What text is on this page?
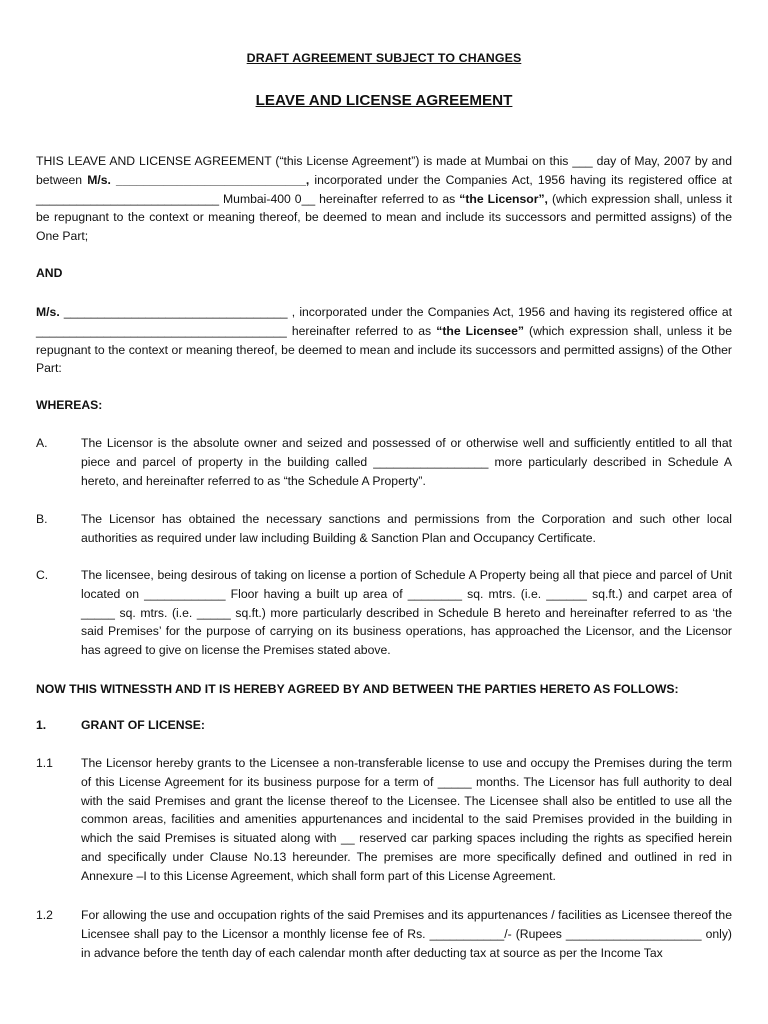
DRAFT AGREEMENT SUBJECT TO CHANGES
LEAVE AND LICENSE AGREEMENT
THIS LEAVE AND LICENSE AGREEMENT (“this License Agreement”) is made at Mumbai on this ___ day of May, 2007 by and between M/s. ____________________________, incorporated under the Companies Act, 1956 having its registered office at ___________________________ Mumbai-400 0__ hereinafter referred to as “the Licensor”, (which expression shall, unless it be repugnant to the context or meaning thereof, be deemed to mean and include its successors and permitted assigns) of the One Part;
AND
M/s. _________________________________ , incorporated under the Companies Act, 1956 and having its registered office at _____________________________________ hereinafter referred to as “the Licensee” (which expression shall, unless it be repugnant to the context or meaning thereof, be deemed to mean and include its successors and permitted assigns) of the Other Part:
WHEREAS:
A.	The Licensor is the absolute owner and seized and possessed of or otherwise well and sufficiently entitled to all that piece and parcel of property in the building called _________________ more particularly described in Schedule A hereto, and hereinafter referred to as “the Schedule A Property”.
B.	The Licensor has obtained the necessary sanctions and permissions from the Corporation and such other local authorities as required under law including Building & Sanction Plan and Occupancy Certificate.
C.	The licensee, being desirous of taking on license a portion of Schedule A Property being all that piece and parcel of Unit located on ____________ Floor having a built up area of ________ sq. mtrs. (i.e. ______ sq.ft.) and carpet area of _____ sq. mtrs. (i.e. _____ sq.ft.) more particularly described in Schedule B hereto and hereinafter referred to as ‘the said Premises’ for the purpose of carrying on its business operations, has approached the Licensor, and the Licensor has agreed to give on license the Premises stated above.
NOW THIS WITNESSTH AND IT IS HEREBY AGREED BY AND BETWEEN THE PARTIES HERETO AS FOLLOWS:
1.	GRANT OF LICENSE:
1.1 The Licensor hereby grants to the Licensee a non-transferable license to use and occupy the Premises during the term of this License Agreement for its business purpose for a term of _____ months. The Licensor has full authority to deal with the said Premises and grant the license thereof to the Licensee. The Licensee shall also be entitled to use all the common areas, facilities and amenities appurtenances and incidental to the said Premises provided in the building in which the said Premises is situated along with __ reserved car parking spaces including the rights as specified herein and specifically under Clause No.13 hereunder. The premises are more specifically defined and outlined in red in Annexure –I to this License Agreement, which shall form part of this License Agreement.
1.2 For allowing the use and occupation rights of the said Premises and its appurtenances / facilities as Licensee thereof the Licensee shall pay to the Licensor a monthly license fee of Rs. ___________/- (Rupees ____________________ only) in advance before the tenth day of each calendar month after deducting tax at source as per the Income Tax
